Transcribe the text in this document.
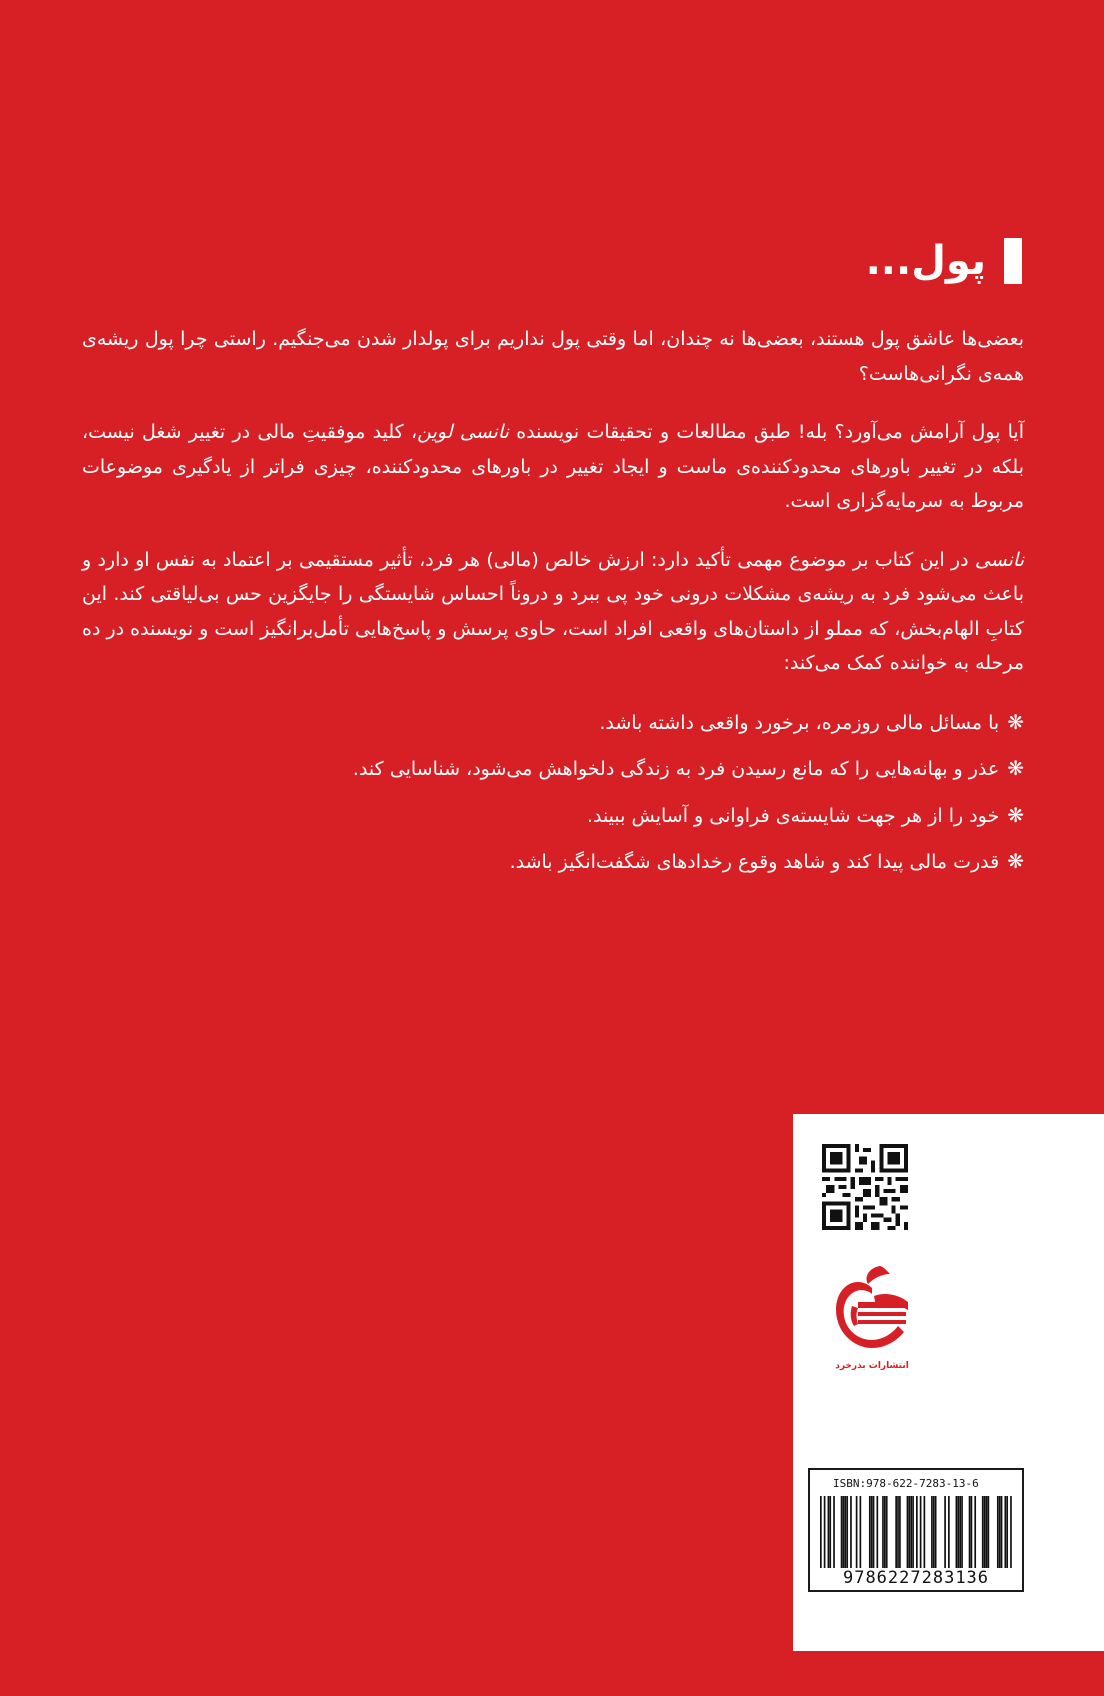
پول...

بعضی‌ها عاشق پول هستند، بعضی‌ها نه چندان، اما وقتی پول نداریم برای پولدار شدن می‌جنگیم. راستی چرا پول ریشه‌ی همه‌ی نگرانی‌هاست؟

آیا پول آرامش می‌آورد؟ بله! طبق مطالعات و تحقیقات نویسنده نانسی لوین، کلید موفقیتِ مالی در تغییر شغل نیست، بلکه در تغییر باورهای محدودکننده‌ی ماست و ایجاد تغییر در باورهای محدودکننده، چیزی فراتر از یادگیری موضوعات مربوط به سرمایه‌گزاری است.

نانسی در این کتاب بر موضوع مهمی تأکید دارد: ارزش خالص (مالی) هر فرد، تأثیر مستقیمی بر اعتماد به نفس او دارد و باعث می‌شود فرد به ریشه‌ی مشکلات درونی خود پی ببرد و دروناً احساس شایستگی را جایگزین حس بی‌لیاقتی کند. این کتابِ الهام‌بخش، که مملو از داستان‌های واقعی افراد است، حاوی پرسش و پاسخ‌هایی تأمل‌برانگیز است و نویسنده در ده مرحله به خواننده کمک می‌کند:

❋
با مسائل مالی روزمره، برخورد واقعی داشته باشد.
❋
عذر و بهانه‌هایی را که مانع رسیدن فرد به زندگی دلخواهش می‌شود، شناسایی کند.
❋
خود را از هر جهت شایسته‌ی فراوانی و آسایش ببیند.
❋
قدرت مالی پیدا کند و شاهد وقوع رخدادهای شگفت‌انگیز باشد.
انتشارات بذرخرد
ISBN:978-622-7283-13-6
9786227283136
